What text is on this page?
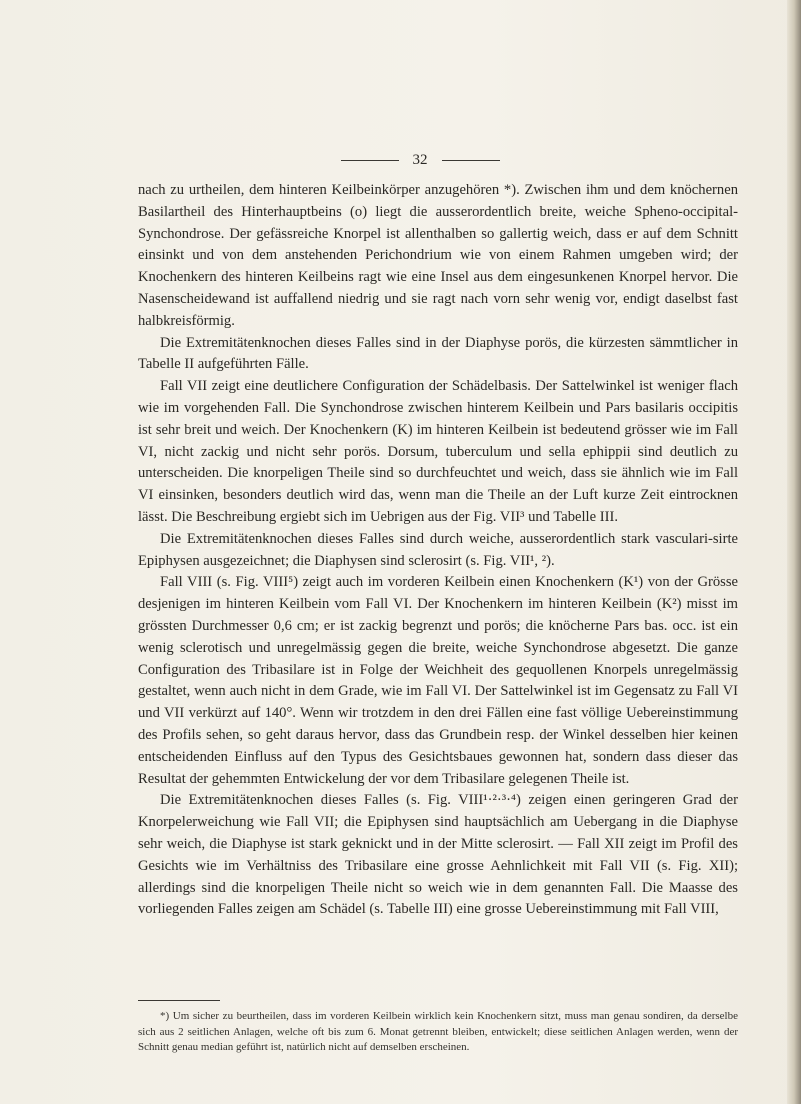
32

nach zu urtheilen, dem hinteren Keilbeinkörper anzugehören *). Zwischen ihm und dem knöchernen Basilartheil des Hinterhauptbeins (o) liegt die ausserordentlich breite, weiche Spheno-occipital-Synchondrose. Der gefässreiche Knorpel ist allenthalben so gallertig weich, dass er auf dem Schnitt einsinkt und von dem anstehenden Perichondrium wie von einem Rahmen umgeben wird; der Knochenkern des hinteren Keilbeins ragt wie eine Insel aus dem eingesunkenen Knorpel hervor. Die Nasenscheidewand ist auffallend niedrig und sie ragt nach vorn sehr wenig vor, endigt daselbst fast halbkreisförmig.

Die Extremitätenknochen dieses Falles sind in der Diaphyse porös, die kürzesten sämmtlicher in Tabelle II aufgeführten Fälle.

Fall VII zeigt eine deutlichere Configuration der Schädelbasis. Der Sattelwinkel ist weniger flach wie im vorgehenden Fall. Die Synchondrose zwischen hinterem Keilbein und Pars basilaris occipitis ist sehr breit und weich. Der Knochenkern (K) im hinteren Keilbein ist bedeutend grösser wie im Fall VI, nicht zackig und nicht sehr porös. Dorsum, tuberculum und sella ephippii sind deutlich zu unterscheiden. Die knorpeligen Theile sind so durchfeuchtet und weich, dass sie ähnlich wie im Fall VI einsinken, besonders deutlich wird das, wenn man die Theile an der Luft kurze Zeit eintrocknen lässt. Die Beschreibung ergiebt sich im Uebrigen aus der Fig. VII³ und Tabelle III.

Die Extremitätenknochen dieses Falles sind durch weiche, ausserordentlich stark vasculari-sirte Epiphysen ausgezeichnet; die Diaphysen sind sclerosirt (s. Fig. VII¹, ²).

Fall VIII (s. Fig. VIII⁵) zeigt auch im vorderen Keilbein einen Knochenkern (K¹) von der Grösse desjenigen im hinteren Keilbein vom Fall VI. Der Knochenkern im hinteren Keilbein (K²) misst im grössten Durchmesser 0,6 cm; er ist zackig begrenzt und porös; die knöcherne Pars bas. occ. ist ein wenig sclerotisch und unregelmässig gegen die breite, weiche Synchondrose abgesetzt. Die ganze Configuration des Tribasilare ist in Folge der Weichheit des gequollenen Knorpels unregelmässig gestaltet, wenn auch nicht in dem Grade, wie im Fall VI. Der Sattelwinkel ist im Gegensatz zu Fall VI und VII verkürzt auf 140°. Wenn wir trotzdem in den drei Fällen eine fast völlige Uebereinstimmung des Profils sehen, so geht daraus hervor, dass das Grundbein resp. der Winkel desselben hier keinen entscheidenden Einfluss auf den Typus des Gesichtsbaues gewonnen hat, sondern dass dieser das Resultat der gehemmten Entwickelung der vor dem Tribasilare gelegenen Theile ist.

Die Extremitätenknochen dieses Falles (s. Fig. VIII¹·²·³·⁴) zeigen einen geringeren Grad der Knorpelerweichung wie Fall VII; die Epiphysen sind hauptsächlich am Uebergang in die Diaphyse sehr weich, die Diaphyse ist stark geknickt und in der Mitte sclerosirt. — Fall XII zeigt im Profil des Gesichts wie im Verhältniss des Tribasilare eine grosse Aehnlichkeit mit Fall VII (s. Fig. XII); allerdings sind die knorpeligen Theile nicht so weich wie in dem genannten Fall. Die Maasse des vorliegenden Falles zeigen am Schädel (s. Tabelle III) eine grosse Uebereinstimmung mit Fall VIII,

*) Um sicher zu beurtheilen, dass im vorderen Keilbein wirklich kein Knochenkern sitzt, muss man genau sondiren, da derselbe sich aus 2 seitlichen Anlagen, welche oft bis zum 6. Monat getrennt bleiben, entwickelt; diese seitlichen Anlagen werden, wenn der Schnitt genau median geführt ist, natürlich nicht auf demselben erscheinen.
